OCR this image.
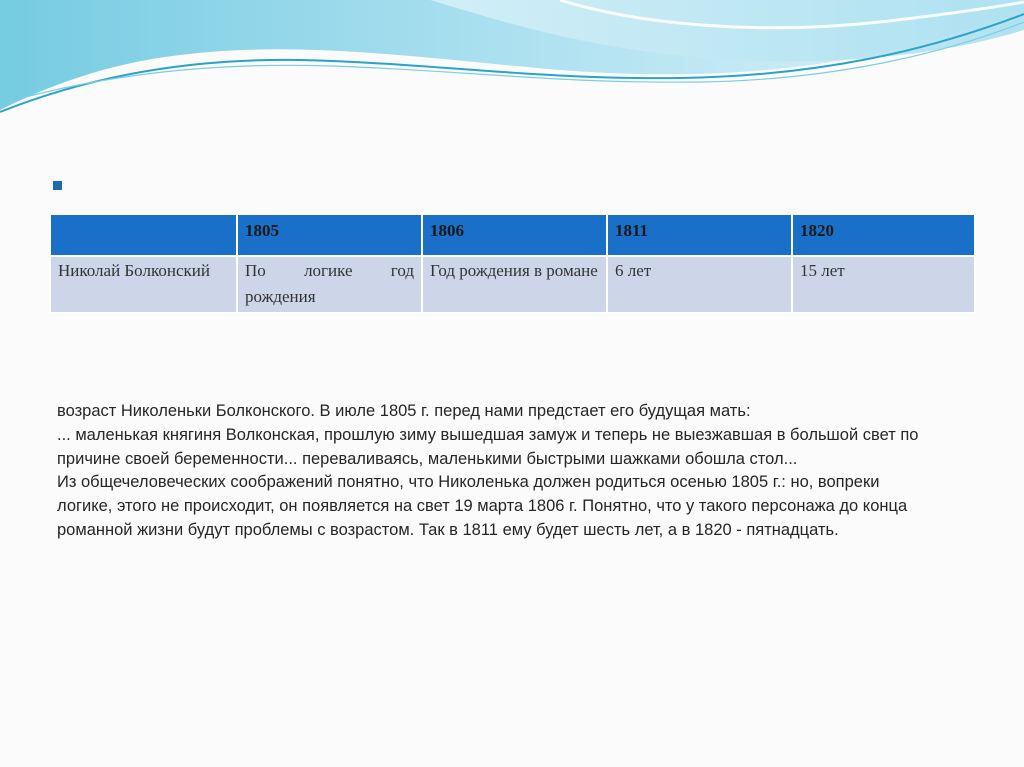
	1805	1806	1811	1820
Николай Болконский	По логике год рождения	Год рождения в романе	6 лет	15 лет

возраст Николеньки Болконского. В июле 1805 г. перед нами предстает его будущая мать:

... маленькая княгиня Волконская, прошлую зиму вышедшая замуж и теперь не выезжавшая в большой свет по причине своей беременности... переваливаясь, маленькими быстрыми шажками обошла стол...

Из общечеловеческих соображений понятно, что Николенька должен родиться осенью 1805 г.: но, вопреки логике, этого не происходит, он появляется на свет 19 марта 1806 г. Понятно, что у такого персонажа до конца романной жизни будут проблемы с возрастом. Так в 1811 ему будет шесть лет, а в 1820 - пятнадцать.
